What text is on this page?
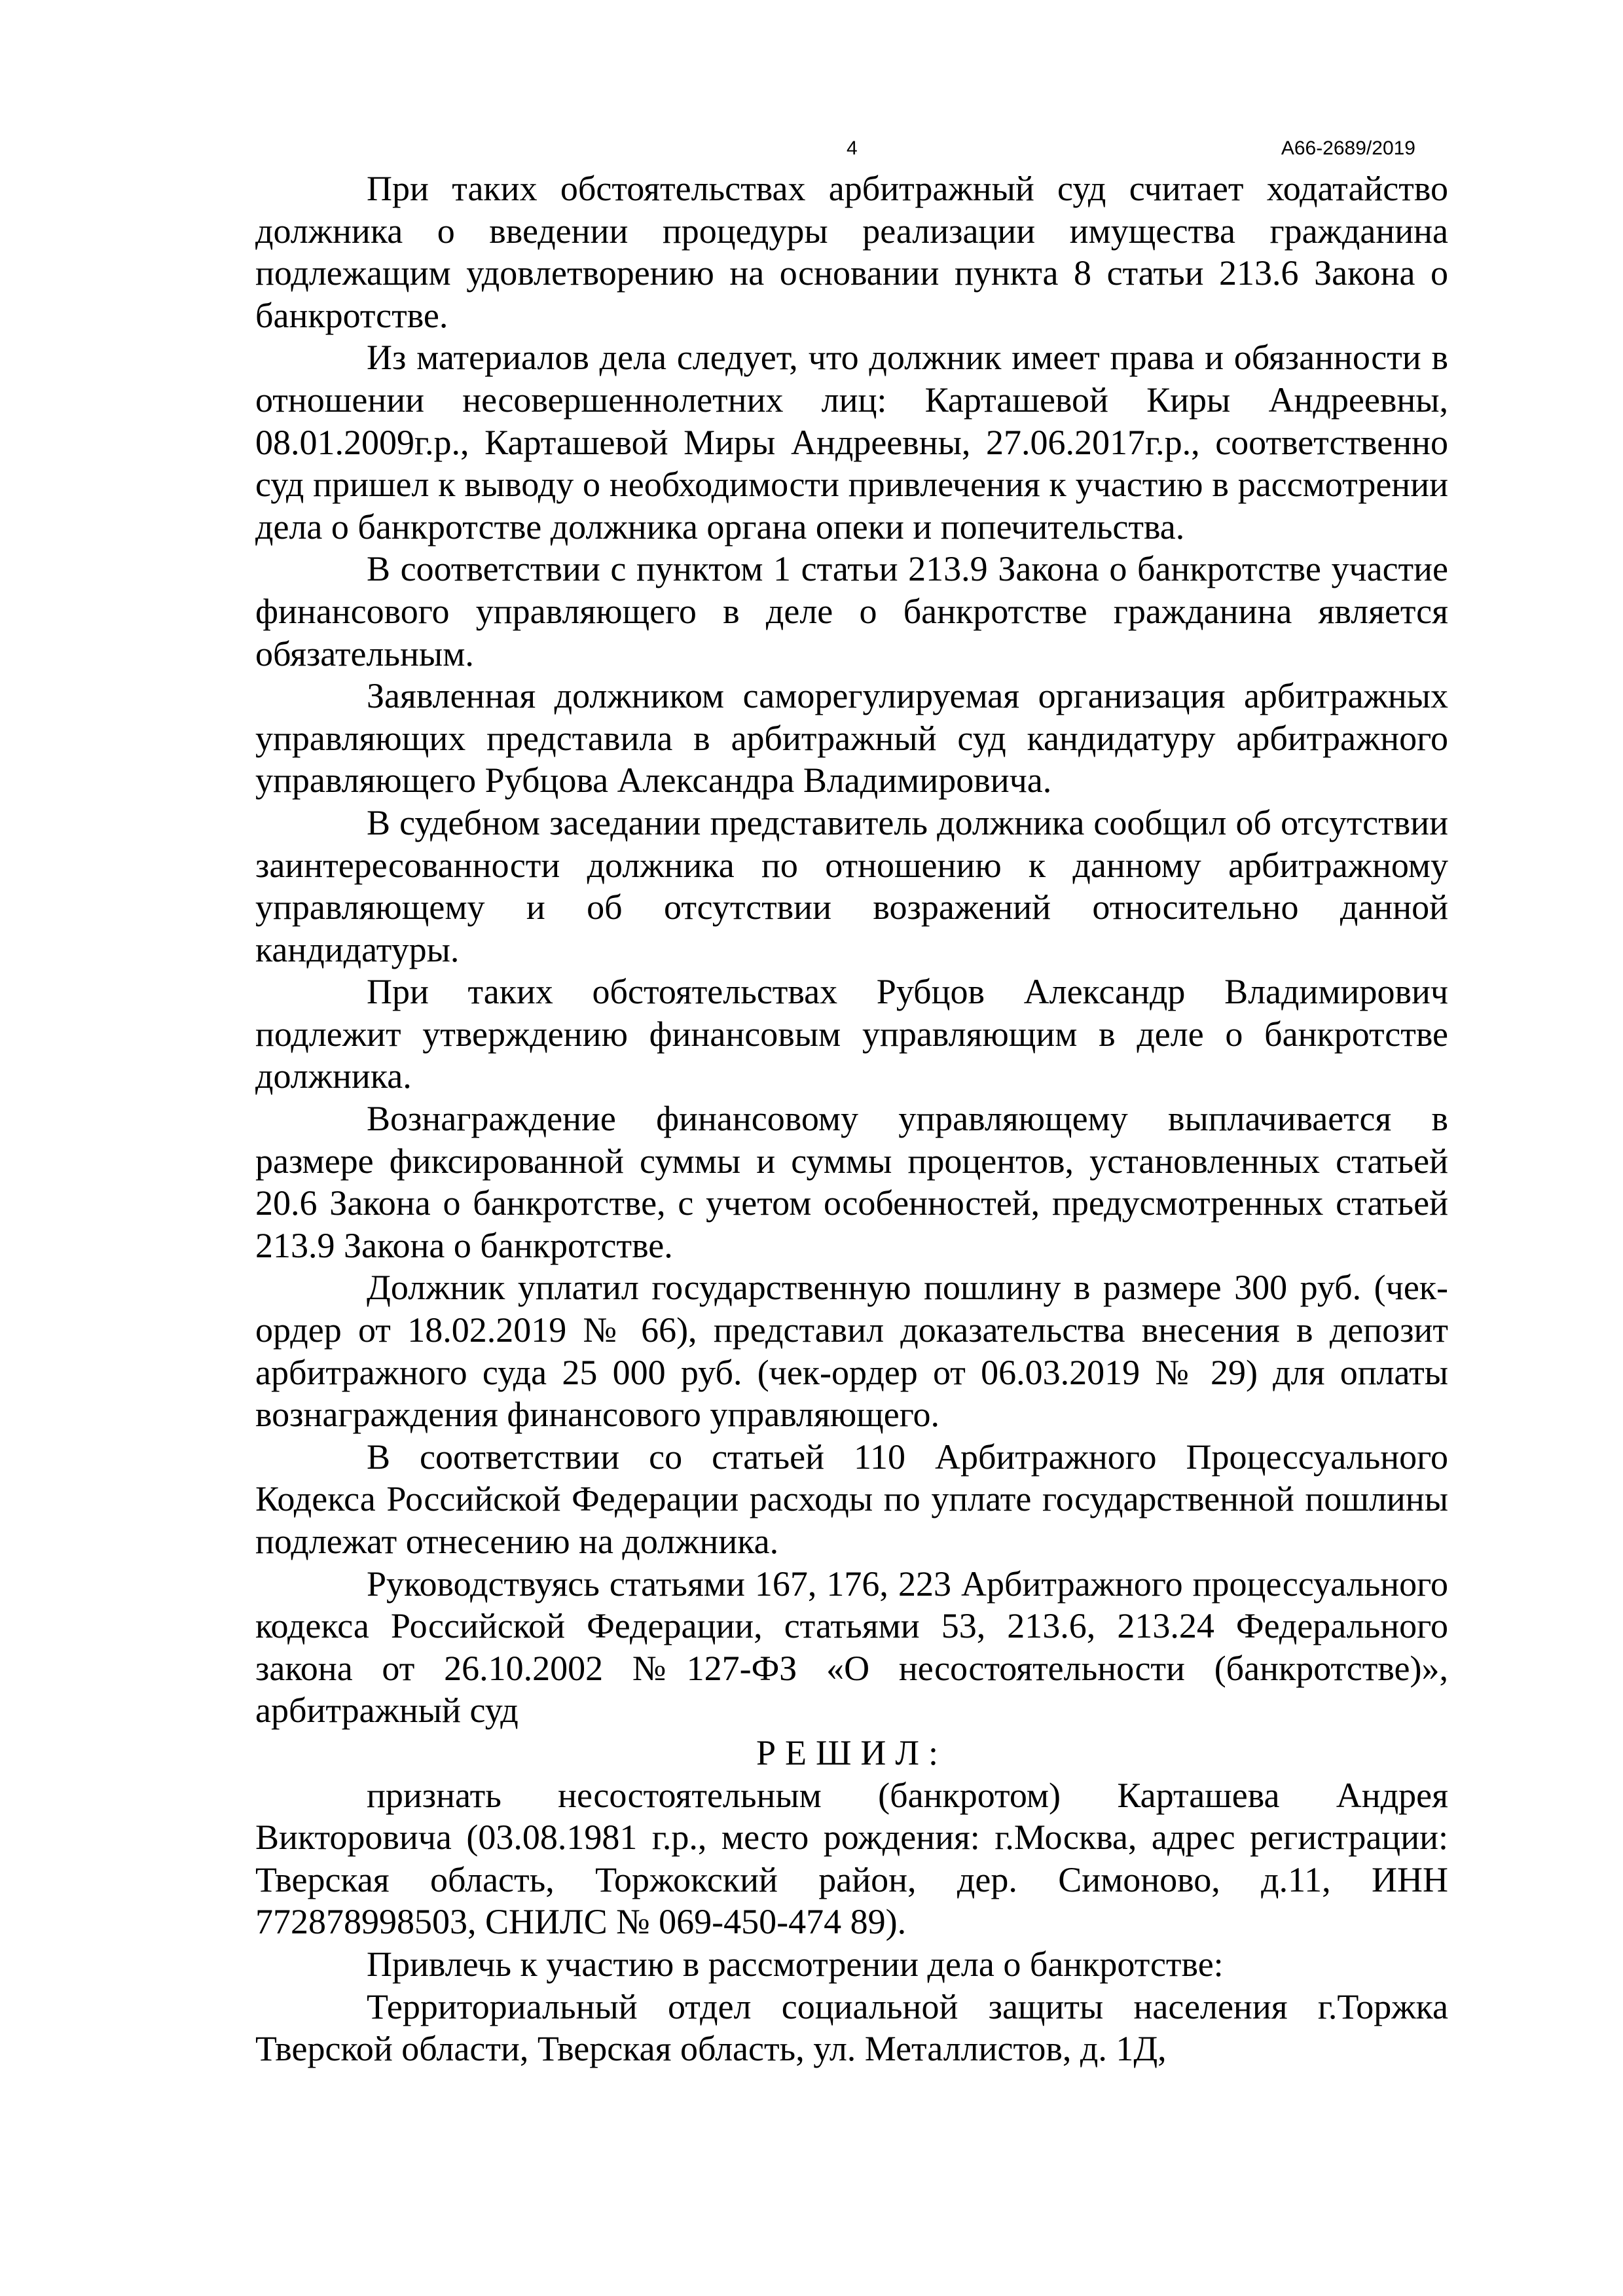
4	А66-2689/2019

При таких обстоятельствах арбитражный суд считает ходатайство должника о введении процедуры реализации имущества гражданина подлежащим удовлетворению на основании пункта 8 статьи 213.6 Закона о банкротстве.

Из материалов дела следует, что должник имеет права и обязанности в отношении несовершеннолетних лиц: Карташевой Киры Андреевны, 08.01.2009г.р., Карташевой Миры Андреевны, 27.06.2017г.р., соответственно суд пришел к выводу о необходимости привлечения к участию в рассмотрении дела о банкротстве должника органа опеки и попечительства.

В соответствии с пунктом 1 статьи 213.9 Закона о банкротстве участие финансового управляющего в деле о банкротстве гражданина является обязательным.

Заявленная должником саморегулируемая организация арбитражных управляющих представила в арбитражный суд кандидатуру арбитражного управляющего Рубцова Александра Владимировича.

В судебном заседании представитель должника сообщил об отсутствии заинтересованности должника по отношению к данному арбитражному управляющему и об отсутствии возражений относительно данной кандидатуры.

При таких обстоятельствах Рубцов Александр Владимирович подлежит утверждению финансовым управляющим в деле о банкротстве должника.

Вознаграждение финансовому управляющему выплачивается в размере фиксированной суммы и суммы процентов, установленных статьей 20.6 Закона о банкротстве, с учетом особенностей, предусмотренных статьей 213.9 Закона о банкротстве.

Должник уплатил государственную пошлину в размере 300 руб. (чек-ордер от 18.02.2019 № 66), представил доказательства внесения в депозит арбитражного суда 25 000 руб. (чек-ордер от 06.03.2019 № 29) для оплаты вознаграждения финансового управляющего.

В соответствии со статьей 110 Арбитражного Процессуального Кодекса Российской Федерации расходы по уплате государственной пошлины подлежат отнесению на должника.

Руководствуясь статьями 167, 176, 223 Арбитражного процессуального кодекса Российской Федерации, статьями 53, 213.6, 213.24 Федерального закона от 26.10.2002 №127-ФЗ «О несостоятельности (банкротстве)», арбитражный суд

РЕШИЛ:

признать несостоятельным (банкротом) Карташева Андрея Викторовича (03.08.1981 г.р., место рождения: г.Москва, адрес регистрации: Тверская область, Торжокский район, дер. Симоново, д.11, ИНН 772878998503, СНИЛС № 069-450-474 89).

Привлечь к участию в рассмотрении дела о банкротстве:

Территориальный отдел социальной защиты населения г.Торжка Тверской области, Тверская область, ул. Металлистов, д. 1Д,
